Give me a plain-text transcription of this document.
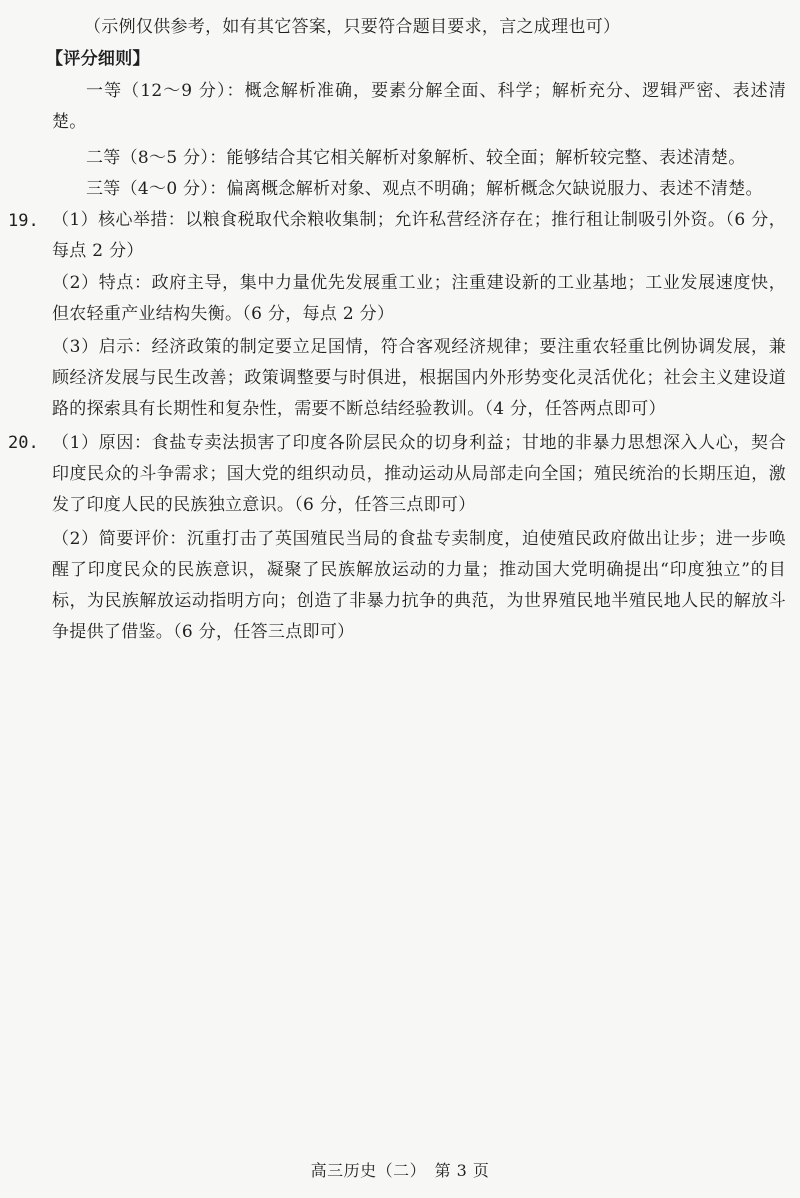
（示例仅供参考，如有其它答案，只要符合题目要求，言之成理也可）
【评分细则】
一等（12～9 分）：概念解析准确，要素分解全面、科学；解析充分、逻辑严密、表述清楚。
二等（8～5 分）：能够结合其它相关解析对象解析、较全面；解析较完整、表述清楚。
三等（4～0 分）：偏离概念解析对象、观点不明确；解析概念欠缺说服力、表述不清楚。
19. （1）核心举措：以粮食税取代余粮收集制；允许私营经济存在；推行租让制吸引外资。（6 分，每点 2 分）
（2）特点：政府主导，集中力量优先发展重工业；注重建设新的工业基地；工业发展速度快，但农轻重产业结构失衡。（6 分，每点 2 分）
（3）启示：经济政策的制定要立足国情，符合客观经济规律；要注重农轻重比例协调发展，兼顾经济发展与民生改善；政策调整要与时俱进，根据国内外形势变化灵活优化；社会主义建设道路的探索具有长期性和复杂性，需要不断总结经验教训。（4 分，任答两点即可）
20. （1）原因：食盐专卖法损害了印度各阶层民众的切身利益；甘地的非暴力思想深入人心，契合印度民众的斗争需求；国大党的组织动员，推动运动从局部走向全国；殖民统治的长期压迫，激发了印度人民的民族独立意识。（6 分，任答三点即可）
（2）简要评价：沉重打击了英国殖民当局的食盐专卖制度，迫使殖民政府做出让步；进一步唤醒了印度民众的民族意识，凝聚了民族解放运动的力量；推动国大党明确提出“印度独立”的目标，为民族解放运动指明方向；创造了非暴力抗争的典范，为世界殖民地半殖民地人民的解放斗争提供了借鉴。（6 分，任答三点即可）
高三历史（二）　第 3 页
